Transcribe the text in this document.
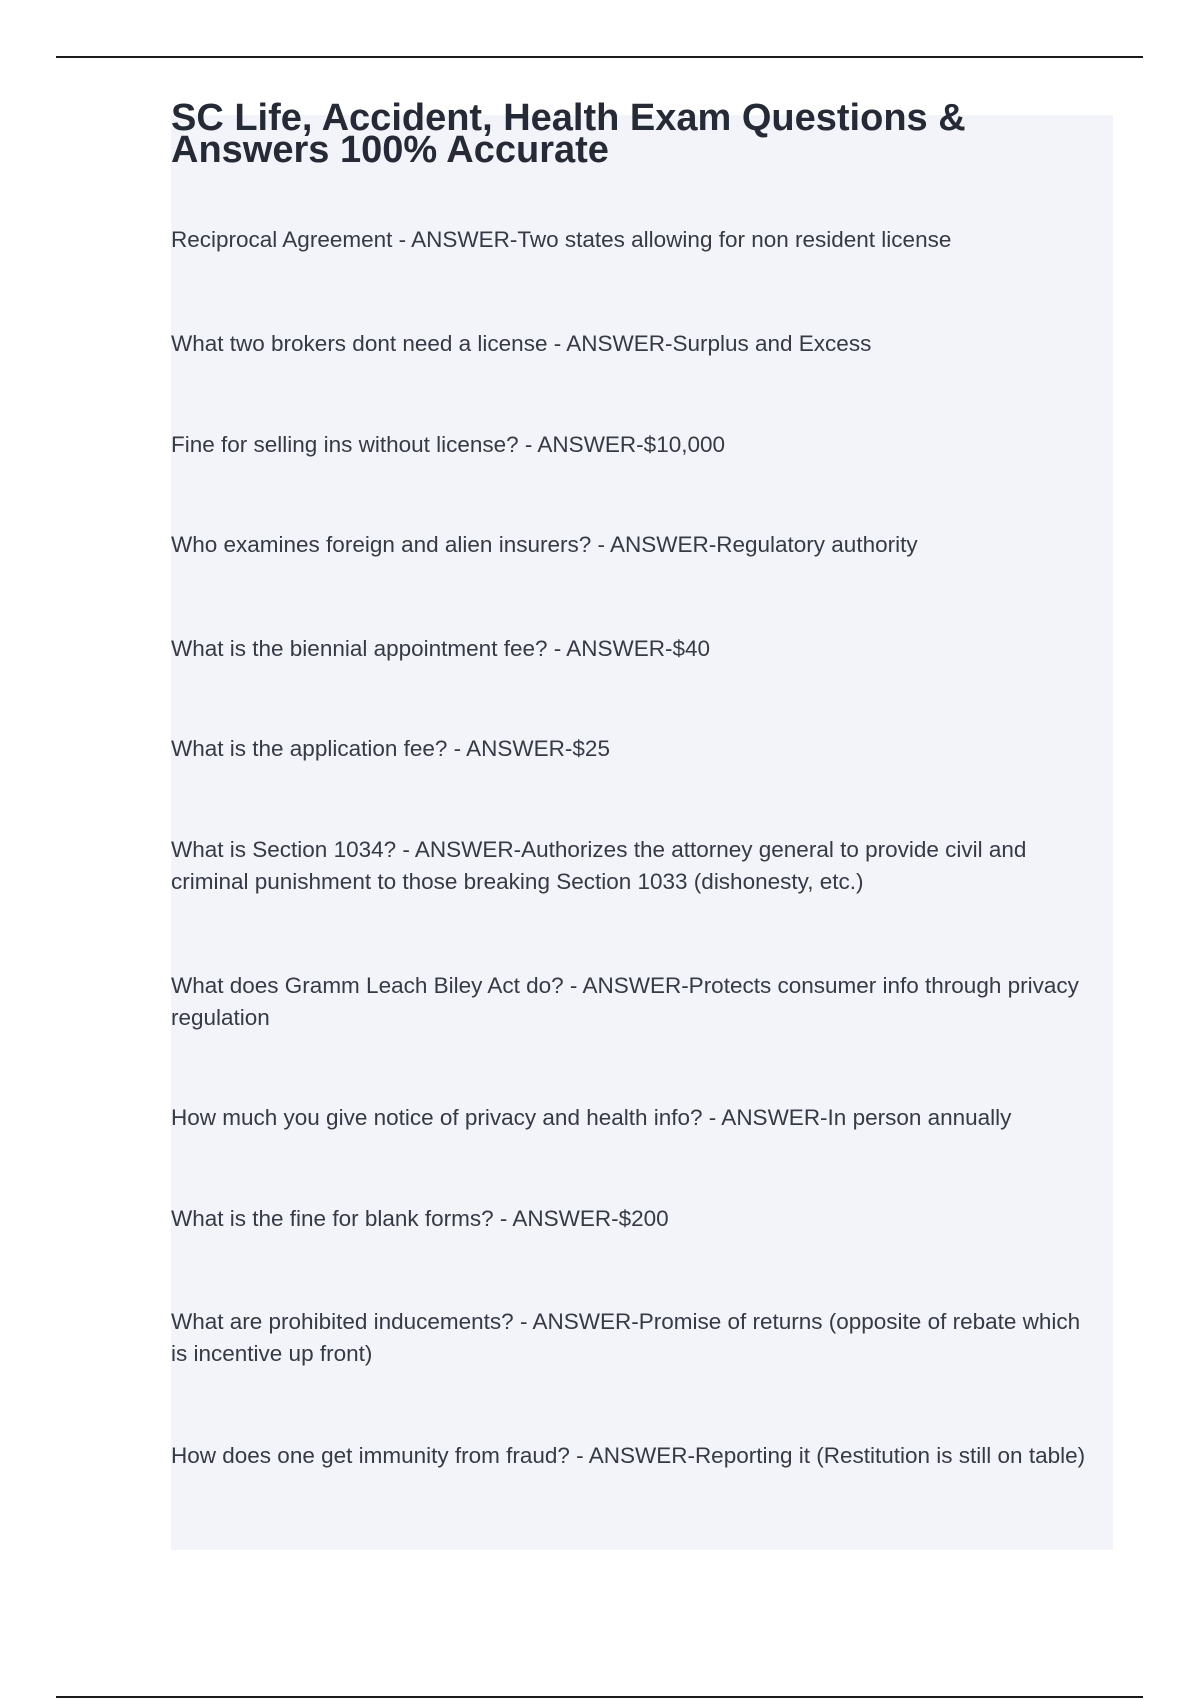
SC Life, Accident, Health Exam Questions & Answers 100% Accurate

Reciprocal Agreement - ANSWER-Two states allowing for non resident license

What two brokers dont need a license - ANSWER-Surplus and Excess

Fine for selling ins without license? - ANSWER-$10,000

Who examines foreign and alien insurers? - ANSWER-Regulatory authority

What is the biennial appointment fee? - ANSWER-$40

What is the application fee? - ANSWER-$25

What is Section 1034? - ANSWER-Authorizes the attorney general to provide civil and criminal punishment to those breaking Section 1033 (dishonesty, etc.)

What does Gramm Leach Biley Act do? - ANSWER-Protects consumer info through privacy regulation

How much you give notice of privacy and health info? - ANSWER-In person annually

What is the fine for blank forms? - ANSWER-$200

What are prohibited inducements? - ANSWER-Promise of returns (opposite of rebate which is incentive up front)

How does one get immunity from fraud? - ANSWER-Reporting it (Restitution is still on table)
